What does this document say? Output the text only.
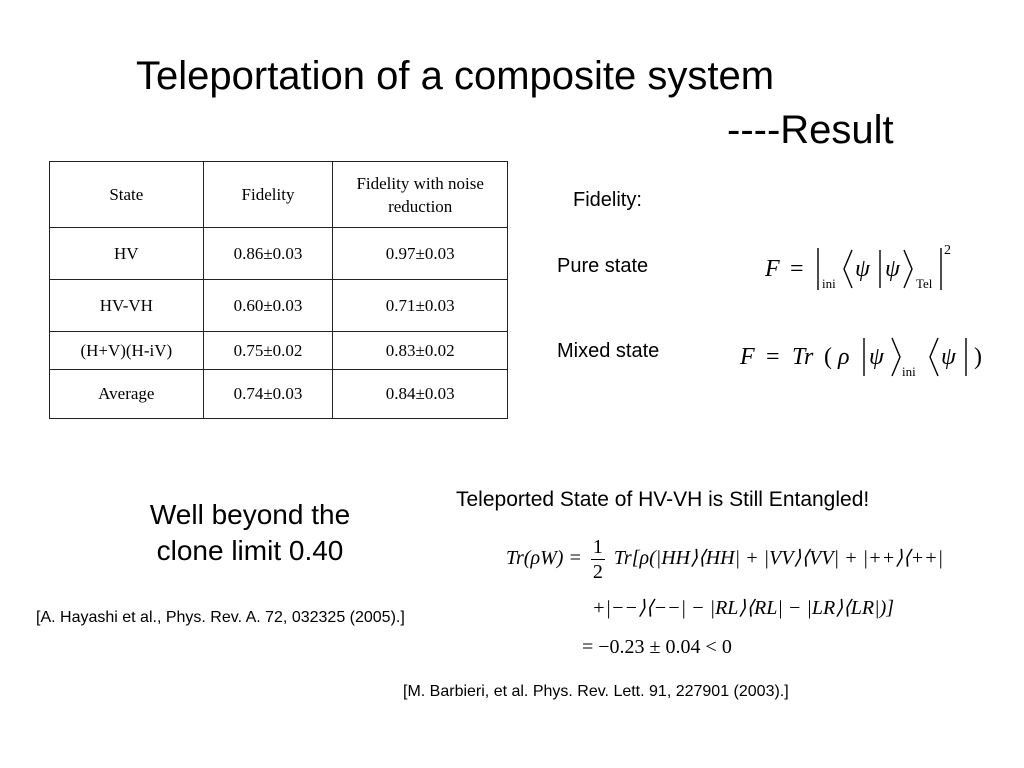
Teleportation of a composite system
----Result
State	Fidelity	Fidelity with noise reduction
HV	0.86±0.03	0.97±0.03
HV-VH	0.60±0.03	0.71±0.03
(H+V)(H-iV)	0.75±0.02	0.83±0.02
Average	0.74±0.03	0.84±0.03
Fidelity:
Pure state
Mixed state
F =
ini
ψ ψ
Tel
2
F = Tr ( ρ ψ
ini
ψ )
Well beyond the
clone limit 0.40
[A. Hayashi et al., Phys. Rev. A. 72, 032325 (2005).]
Teleported State of HV-VH is Still Entangled!
$Tr(\rho W) = \frac{1}{2}$ Tr[ρ(|HH⟩⟨HH| + |VV⟩⟨VV| + |++⟩⟨++|
+|−−⟩⟨−−| − |RL⟩⟨RL| − |LR⟩⟨LR|)]
= −0.23 ± 0.04 < 0
[M. Barbieri, et al. Phys. Rev. Lett. 91, 227901 (2003).]
